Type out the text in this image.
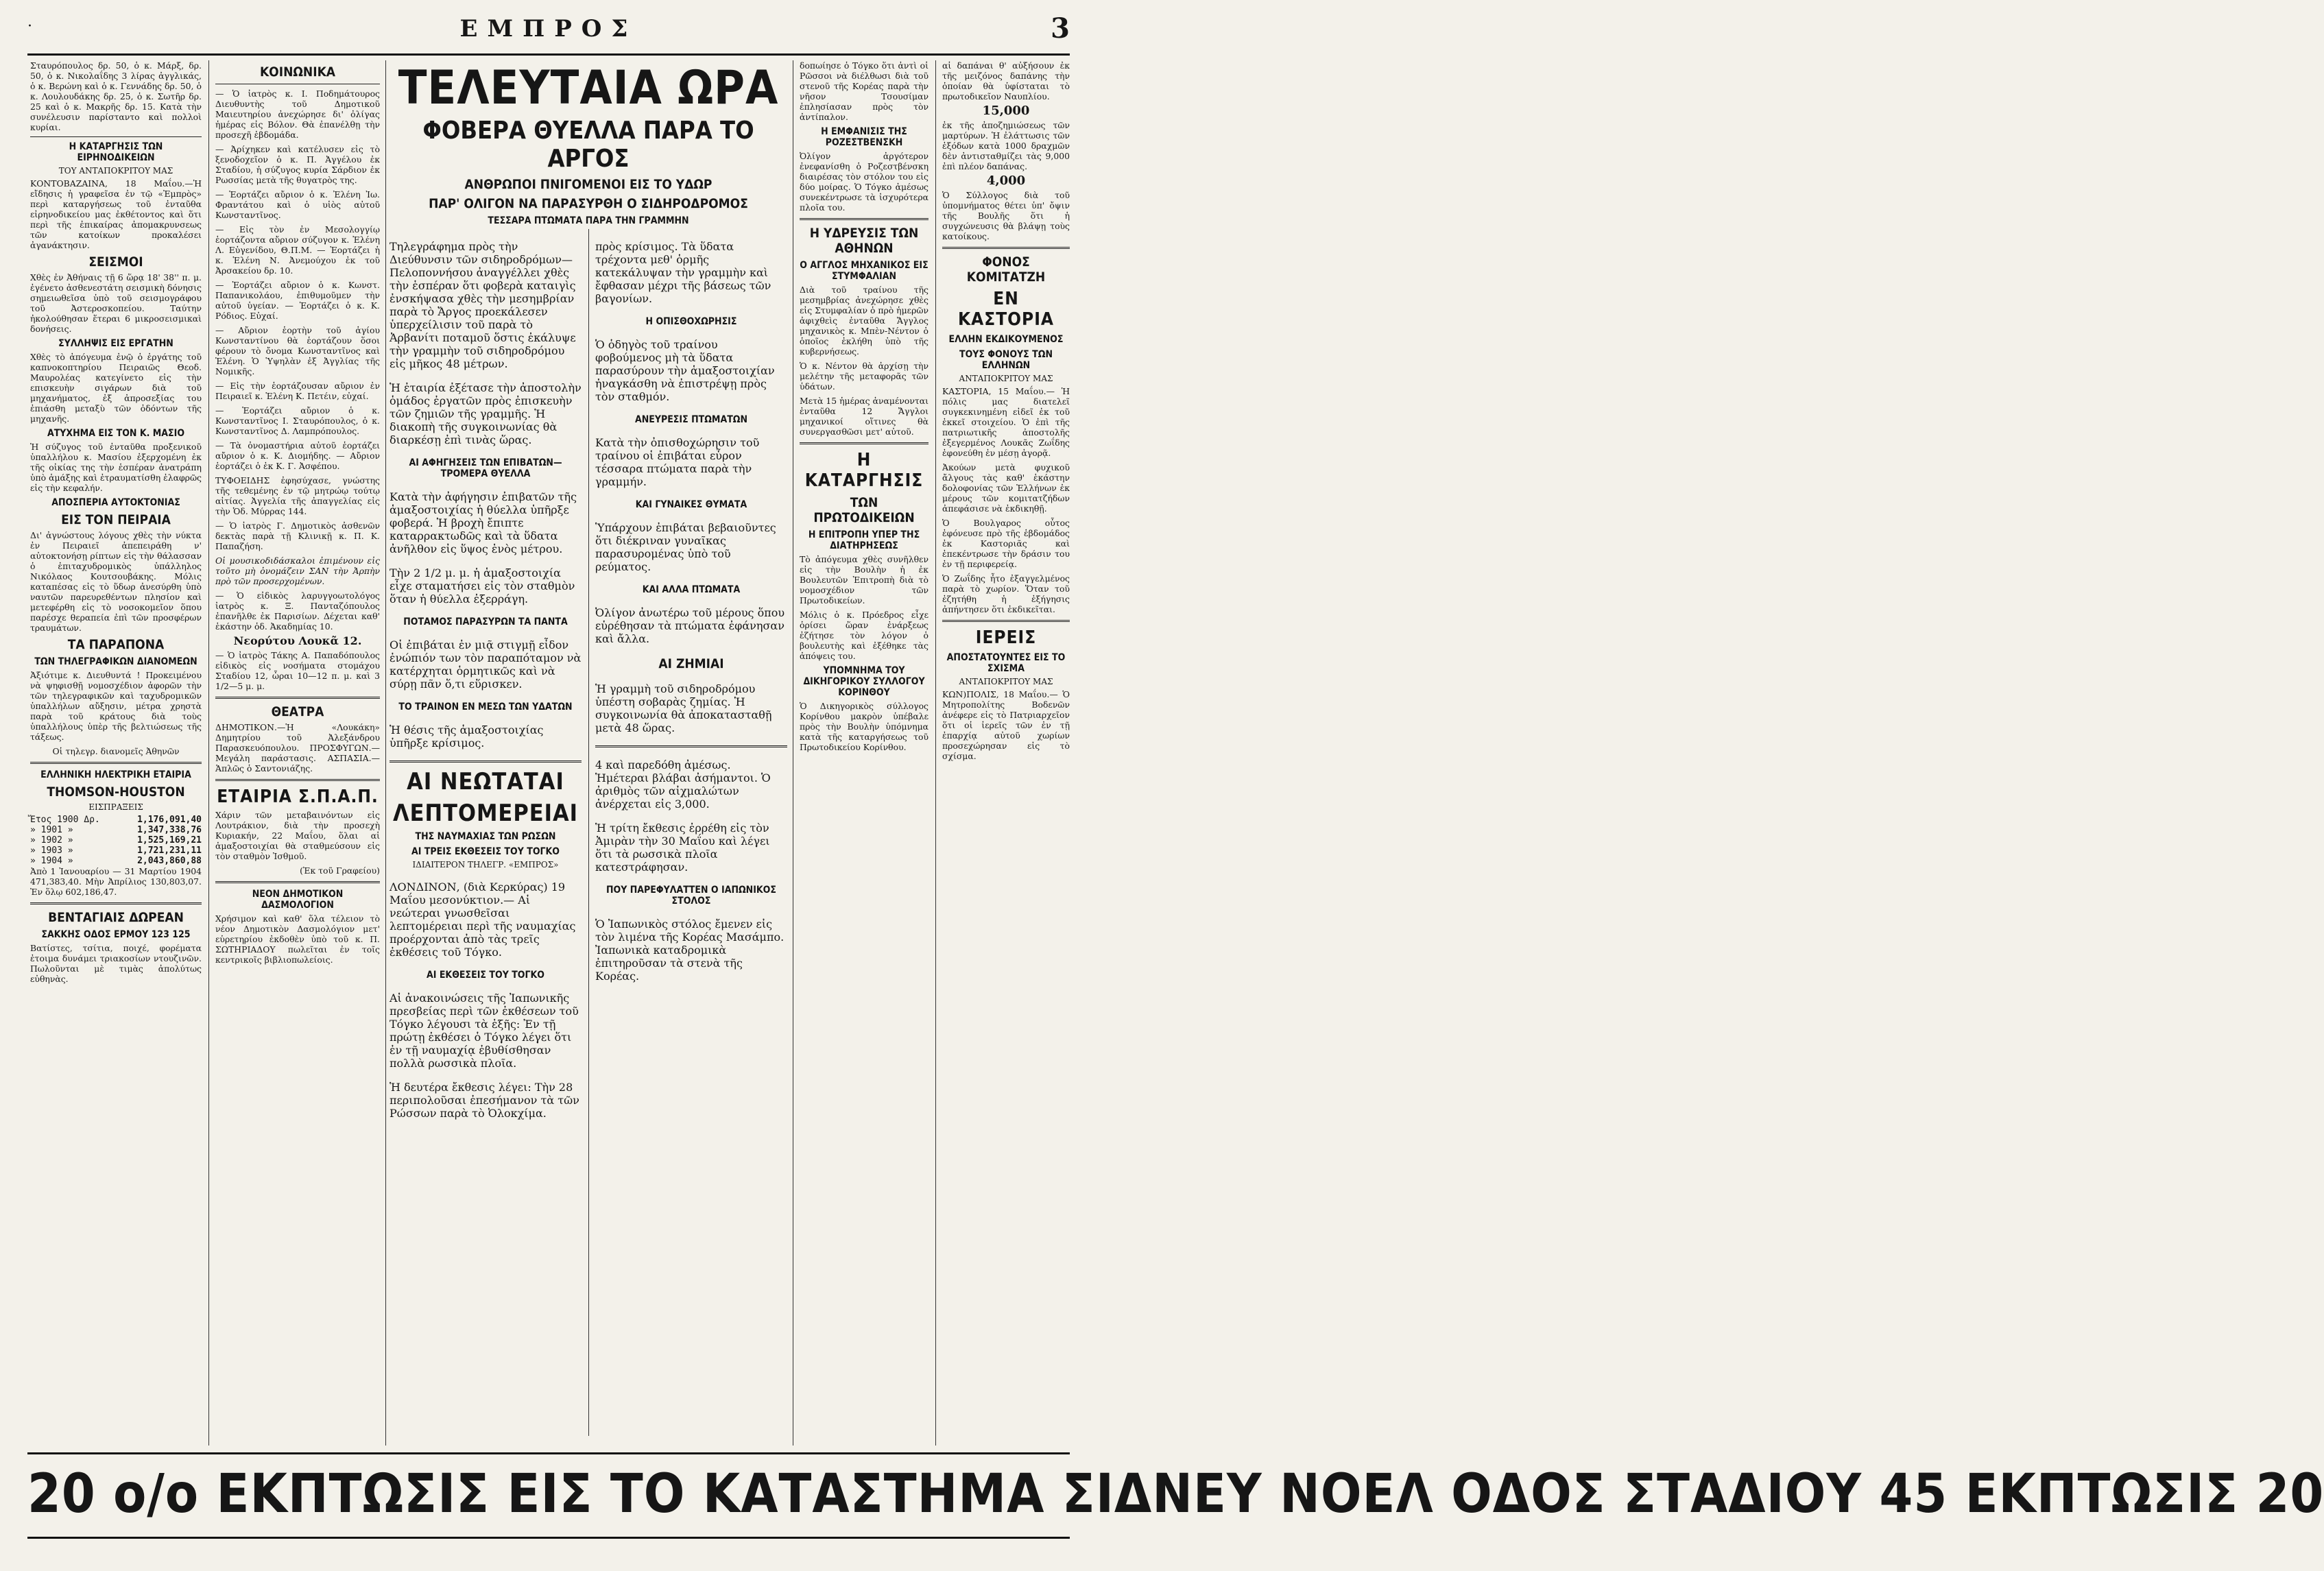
·	ΕΜΠΡΟΣ	3

Σταυρόπουλος δρ. 50, ὁ κ. Μάρξ, δρ. 50, ὁ κ. Νικολαΐδης 3 λίρας ἀγγλικάς, ὁ κ. Βερώνη καὶ ὁ κ. Γεννάδης δρ. 50, ὁ κ. Λουλουδάκης δρ. 25, ὁ κ. Σωτῆρ δρ. 25 καὶ ὁ κ. Μακρῆς δρ. 15. Κατὰ τὴν συνέλευσιν παρίσταντο καὶ πολλοὶ κυρίαι.

Η ΚΑΤΑΡΓΗΣΙΣ ΤΩΝ ΕΙΡΗΝΟΔΙΚΕΙΩΝ
ΤΟΥ ΑΝΤΑΠΟΚΡΙΤΟΥ ΜΑΣ

ΚΟΝΤΟΒΑΖΑΙΝΑ, 18 Μαΐου.—Ἡ εἴδησις ἡ γραφεῖσα ἐν τῷ «Ἐμπρὸς» περὶ καταργήσεως τοῦ ἐνταῦθα εἰρηνοδικείου μας ἐκθέτοντος καὶ ὅτι περὶ τῆς ἐπικαίρας ἀπομακρυνσεως τῶν κατοίκων προκαλέσει ἀγανάκτησιν.

ΣΕΙΣΜΟΙ

Χθὲς ἐν Ἀθήναις τῇ 6 ὥρᾳ 18' 38'' π. μ. ἐγένετο ἀσθενεστάτη σεισμικὴ δόνησις σημειωθεῖσα ὑπὸ τοῦ σεισμογράφου τοῦ Ἀστεροσκοπείου. Ταύτην ἠκολούθησαν ἕτεραι 6 μικροσεισμικαὶ δονήσεις.

ΣΥΛΛΗΨΙΣ ΕΙΣ ΕΡΓΑΤΗΝ

Χθὲς τὸ ἀπόγευμα ἐνῷ ὁ ἐργάτης τοῦ καπνοκοπτηρίου Πειραιῶς Θεοδ. Μαυρολέας κατεγίνετο εἰς τὴν επισκευὴν σιγάρων διὰ τοῦ μηχανήματος, ἐξ ἀπροσεξίας του ἐπιάσθη μεταξὺ τῶν ὀδόντων τῆς μηχανῆς.

ΑΤΥΧΗΜΑ ΕΙΣ ΤΟΝ Κ. ΜΑΣΙΟ

Ἡ σύζυγος τοῦ ἐνταῦθα προξενικοῦ ὑπαλλήλου κ. Μασίου ἐξερχομένη ἐκ τῆς οἰκίας της τὴν ἑσπέραν ἀνατράπη ὑπὸ ἁμάξης καὶ ἐτραυματίσθη ἐλαφρῶς εἰς τὴν κεφαλήν.

ΑΠΟΣΠΕΡΙΑ ΑΥΤΟΚΤΟΝΙΑΣ
ΕΙΣ ΤΟΝ ΠΕΙΡΑΙΑ

Δι' ἀγνώστους λόγους χθὲς τὴν νύκτα ἐν Πειραιεῖ ἀπεπειράθη ν' αὐτοκτονήσῃ ρίπτων εἰς τὴν θάλασσαν ὁ ἐπιταχυδρομικὸς ὑπάλληλος Νικόλαος Κουτσουβάκης. Μόλις καταπέσας εἰς τὸ ὕδωρ ἀνεσύρθη ὑπὸ ναυτῶν παρευρεθέντων πλησίον καὶ μετεφέρθη εἰς τὸ νοσοκομεῖον ὅπου παρέσχε θεραπεία ἐπὶ τῶν προσφέρων τραυμάτων.

ΤΑ ΠΑΡΑΠΟΝΑ
ΤΩΝ ΤΗΛΕΓΡΑΦΙΚΩΝ ΔΙΑΝΟΜΕΩΝ

Ἀξιότιμε κ. Διευθυντά ! Προκειμένου νὰ ψηφισθῇ νομοσχέδιον ἀφορῶν τὴν τῶν τηλεγραφικῶν καὶ ταχυδρομικῶν ὑπαλλήλων αὔξησιν, μέτρα χρηστὰ παρὰ τοῦ κράτους διὰ τοὺς ὑπαλλήλους ὑπὲρ τῆς βελτιώσεως τῆς τάξεως.

Οἱ τηλεγρ. διανομεῖς Ἀθηνῶν

ΕΛΛΗΝΙΚΗ ΗΛΕΚΤΡΙΚΗ ΕΤΑΙΡΙΑ
THOMSON-HOUSTON
ΕΙΣΠΡΑΞΕΙΣ
Ἔτος 1900 Δρ.	1,176,091,40
» 1901 »	1,347,338,76
» 1902 »	1,525,169,21
» 1903 »	1,721,231,11
» 1904 »	2,043,860,88

Ἀπὸ 1 Ἰανουαρίου — 31 Μαρτίου 1904 471,383,40. Μὴν Ἀπρίλιος 130,803,07. Ἐν ὅλῳ 602,186,47.

ΒΕΝΤΑΓΙΑΙΣ ΔΩΡΕΑΝ
ΣΑΚΚΗΣ ΟΔΟΣ ΕΡΜΟΥ 123 125

Βατίστες, τσίτια, ποιχέ, φορέματα ἐτοιμα δυνάμει τριακοσίων ντουζινῶν. Πωλοῦνται μὲ τιμὰς ἀπολύτως εὐθηνὰς.

ΚΟΙΝΩΝΙΚΑ

— Ὁ ἰατρὸς κ. Ι. Ποδημάτουρος Διευθυντὴς τοῦ Δημοτικοῦ Μαιευτηρίου ἀνεχώρησε δι' ὀλίγας ἡμέρας εἰς Βόλον. Θὰ ἐπανέλθῃ τὴν προσεχῆ ἑβδομάδα.

— Ἀρίχηκεν καὶ κατέλυσεν εἰς τὸ ξενοδοχεῖον ὁ κ. Π. Ἀγγέλου ἐκ Σταδίου, ἡ σύζυγος κυρία Σάρδιον ἐκ Ρωσσίας μετὰ τῆς θυγατρὸς της.

— Ἑορτάζει αὔριον ὁ κ. Ἐλένη Ἰω. Φραντάτου καὶ ὁ υἱὸς αὐτοῦ Κωνσταντῖνος.

— Εἰς τὸν ἐν Μεσολογγίῳ ἑορτάζοντα αὔριον σύζυγον κ. Ἐλένη Λ. Εὐγενίδου, Θ.Π.Μ. — Ἑορτάζει ἡ κ. Ἑλένη Ν. Ἀνεμούχου ἐκ τοῦ Ἀρσακείου δρ. 10.

— Ἑορτάζει αὔριον ὁ κ. Κωνστ. Παπανικολάου, ἐπιθυμοῦμεν τὴν αὐτοῦ ὑγείαν. — Ἑορτάζει ὁ κ. Κ. Ρόδιος. Εὐχαί.

— Αὔριον ἑορτὴν τοῦ ἁγίου Κωνσταντίνου θὰ ἑορτάζουν ὅσοι φέρουν τὸ ὄνομα Κωνσταντῖνος καὶ Ἑλένη. Ὁ Ὑψηλὰν ἐξ Ἀγγλίας τῆς Νομικῆς.

— Εἰς τὴν ἑορτάζουσαν αὔριον ἐν Πειραιεῖ κ. Ἑλένη Κ. Πετέιν, εὐχαί.

— Ἑορτάζει αὔριον ὁ κ. Κωνσταντῖνος Ι. Σταυρόπουλος, ὁ κ. Κωνσταντῖνος Δ. Λαμπρόπουλος.

— Τὰ ὀνομαστήρια αὐτοῦ ἑορτάζει αὔριον ὁ κ. Κ. Διομήδης. — Αὔριον ἑορτάζει ὁ ἐκ Κ. Γ. Ἀσφέπου.

ΤΥΦΟΕΙΔΗΣ ἐφησύχασε, γνώστης τῆς τεθεμένης ἐν τῷ μητρώῳ τούτῳ αἰτίας. Ἀγγελία τῆς ἀπαγγελίας εἰς τὴν Ὁδ. Μύρρας 144.

— Ὁ ἰατρὸς Γ. Δημοτικὸς ἀσθενῶν δεκτὰς παρὰ τῇ Κλινικῇ κ. Π. Κ. Παπαζήση.

Οἱ μουσικοδιδάσκαλοι ἐπιμένουν εἰς τοῦτο μὴ ὀνομάζειν ΣΑΝ τὴν Ἀρπὴν πρὸ τῶν προσερχομένων.

— Ὁ εἰδικὸς λαρυγγοωτολόγος ἰατρὸς κ. Ξ. Πανταζόπουλος ἐπανῆλθε ἐκ Παρισίων. Δέχεται καθ' ἑκάστην ὁδ. Ἀκαδημίας 10.

Νεορύτου Λουκᾶ 12.

— Ὁ ἰατρὸς Τάκης Α. Παπαδόπουλος εἰδικὸς εἰς νοσήματα στομάχου Σταδίου 12, ὧραι 10—12 π. μ. καὶ 3 1/2—5 μ. μ.

ΘΕΑΤΡΑ

ΔΗΜΟΤΙΚΟΝ.—Ἡ «Λουκάκη» Δημητρίου τοῦ Ἀλεξάνδρου Παρασκευόπουλου. ΠΡΟΣΦΥΓΩΝ.—Μεγάλη παράστασις. ΑΣΠΑΣΙΑ.—Ἁπλῶς ὁ Σαντονιάζης.

ΕΤΑΙΡΙΑ Σ.Π.Α.Π.

Χάριν τῶν μεταβαινόντων εἰς Λουτράκιον, διὰ τὴν προσεχὴ Κυριακήν, 22 Μαΐου, ὅλαι αἱ ἁμαξοστοιχίαι θὰ σταθμεύσουν εἰς τὸν σταθμὸν Ἰσθμοῦ.

(Ἐκ τοῦ Γραφείου)

ΝΕΟΝ ΔΗΜΟΤΙΚΟΝ ΔΑΣΜΟΛΟΓΙΟΝ

Χρήσιμον καὶ καθ' ὅλα τέλειον τὸ νέον Δημοτικὸν Δασμολόγιον μετ' εὑρετηρίου ἐκδοθὲν ὑπὸ τοῦ κ. Π. ΣΩΤΗΡΙΑΔΟΥ πωλεῖται ἐν τοῖς κεντρικοῖς βιβλιοπωλείοις.

ΤΕΛΕΥΤΑΙΑ ΩΡΑ
ΦΟΒΕΡΑ ΘΥΕΛΛΑ ΠΑΡΑ ΤΟ ΑΡΓΟΣ
ΑΝΘΡΩΠΟΙ ΠΝΙΓΟΜΕΝΟΙ ΕΙΣ ΤΟ ΥΔΩΡ
ΠΑΡ' ΟΛΙΓΟΝ ΝΑ ΠΑΡΑΣΥΡΘΗ Ο ΣΙΔΗΡΟΔΡΟΜΟΣ
ΤΕΣΣΑΡΑ ΠΤΩΜΑΤΑ ΠΑΡΑ ΤΗΝ ΓΡΑΜΜΗΝ

Τηλεγράφημα πρὸς τὴν Διεύθυνσιν τῶν σιδηροδρόμων—Πελοποννήσου ἀναγγέλλει χθὲς τὴν ἑσπέραν ὅτι φοβερὰ καταιγὶς ἐνσκήψασα χθὲς τὴν μεσημβρίαν παρὰ τὸ Ἄργος προεκάλεσεν ὑπερχείλισιν τοῦ παρὰ τὸ Ἀρβανίτι ποταμοῦ ὅστις ἐκάλυψε τὴν γραμμὴν τοῦ σιδηροδρόμου εἰς μῆκος 48 μέτρων.

Ἡ ἐταιρία ἐξέτασε τὴν ἀποστολὴν ὁμάδος ἐργατῶν πρὸς ἐπισκευὴν τῶν ζημιῶν τῆς γραμμῆς. Ἡ διακοπὴ τῆς συγκοινωνίας θὰ διαρκέσῃ ἐπὶ τινὰς ὥρας.

ΑΙ ΑΦΗΓΗΣΕΙΣ ΤΩΝ ΕΠΙΒΑΤΩΝ—ΤΡΟΜΕΡΑ ΘΥΕΛΛΑ

Κατὰ τὴν ἀφήγησιν ἐπιβατῶν τῆς ἁμαξοστοιχίας ἡ θύελλα ὑπῆρξε φοβερά. Ἡ βροχὴ ἔπιπτε καταρρακτωδῶς καὶ τὰ ὕδατα ἀνῆλθον εἰς ὕψος ἑνὸς μέτρου.

Τὴν 2 1/2 μ. μ. ἡ ἁμαξοστοιχία εἶχε σταματήσει εἰς τὸν σταθμὸν ὅταν ἡ θύελλα ἐξερράγη.

ΠΟΤΑΜΟΣ ΠΑΡΑΣΥΡΩΝ ΤΑ ΠΑΝΤΑ

Οἱ ἐπιβάται ἐν μιᾷ στιγμῇ εἶδον ἐνώπιόν των τὸν παραπόταμον νὰ κατέρχηται ὁρμητικῶς καὶ νὰ σύρῃ πᾶν ὅ,τι εὕρισκεν.

ΤΟ ΤΡΑΙΝΟΝ ΕΝ ΜΕΣΩ ΤΩΝ ΥΔΑΤΩΝ

Ἡ θέσις τῆς ἁμαξοστοιχίας ὑπῆρξε κρίσιμος.

ΑΙ ΝΕΩΤΑΤΑΙ
ΛΕΠΤΟΜΕΡΕΙΑΙ
ΤΗΣ ΝΑΥΜΑΧΙΑΣ ΤΩΝ ΡΩΣΩΝ
ΑΙ ΤΡΕΙΣ ΕΚΘΕΣΕΙΣ ΤΟΥ ΤΟΓΚΟ
ΙΔΙΑΙΤΕΡΟΝ ΤΗΛΕΓΡ. «ΕΜΠΡΟΣ»

ΛΟΝΔΙΝΟΝ, (διὰ Κερκύρας) 19 Μαΐου μεσονύκτιον.— Αἱ νεώτεραι γνωσθεῖσαι λεπτομέρειαι περὶ τῆς ναυμαχίας προέρχονται ἀπὸ τὰς τρεῖς ἐκθέσεις τοῦ Τόγκο.

ΑΙ ΕΚΘΕΣΕΙΣ ΤΟΥ ΤΟΓΚΟ

Αἱ ἀνακοινώσεις τῆς Ἰαπωνικῆς πρεσβείας περὶ τῶν ἐκθέσεων τοῦ Τόγκο λέγουσι τὰ ἑξῆς: Ἐν τῇ πρώτῃ ἐκθέσει ὁ Τόγκο λέγει ὅτι ἐν τῇ ναυμαχίᾳ ἐβυθίσθησαν πολλὰ ρωσσικὰ πλοῖα.

Ἡ δευτέρα ἔκθεσις λέγει: Τὴν 28 περιπολοῦσαι ἐπεσήμανον τὰ τῶν Ρώσσων παρὰ τὸ Ὀλοκχίμα.

πρὸς κρίσιμος. Τὰ ὕδατα τρέχοντα μεθ' ὁρμῆς κατεκάλυψαν τὴν γραμμὴν καὶ ἔφθασαν μέχρι τῆς βάσεως τῶν βαγονίων.

Η ΟΠΙΣΘΟΧΩΡΗΣΙΣ

Ὁ ὁδηγὸς τοῦ τραίνου φοβούμενος μὴ τὰ ὕδατα παρασύρουν τὴν ἁμαξοστοιχίαν ἠναγκάσθη νὰ ἐπιστρέψῃ πρὸς τὸν σταθμόν.

ΑΝΕΥΡΕΣΙΣ ΠΤΩΜΑΤΩΝ

Κατὰ τὴν ὀπισθοχώρησιν τοῦ τραίνου οἱ ἐπιβάται εὗρον τέσσαρα πτώματα παρὰ τὴν γραμμήν.

ΚΑΙ ΓΥΝΑΙΚΕΣ ΘΥΜΑΤΑ

Ὑπάρχουν ἐπιβάται βεβαιοῦντες ὅτι διέκριναν γυναῖκας παρασυρομένας ὑπὸ τοῦ ρεύματος.

ΚΑΙ ΑΛΛΑ ΠΤΩΜΑΤΑ

Ὀλίγον ἀνωτέρω τοῦ μέρους ὅπου εὑρέθησαν τὰ πτώματα ἐφάνησαν καὶ ἄλλα.

ΑΙ ΖΗΜΙΑΙ

Ἡ γραμμὴ τοῦ σιδηροδρόμου ὑπέστη σοβαρὰς ζημίας. Ἡ συγκοινωνία θὰ ἀποκατασταθῇ μετὰ 48 ὥρας.

4 καὶ παρεδόθη ἀμέσως. Ἡμέτεραι βλάβαι ἀσήμαντοι. Ὁ ἀριθμὸς τῶν αἰχμαλώτων ἀνέρχεται εἰς 3,000.

Ἡ τρίτη ἔκθεσις ἐρρέθη εἰς τὸν Ἀμιρὰν τὴν 30 Μαΐου καὶ λέγει ὅτι τὰ ρωσσικὰ πλοῖα κατεστράφησαν.

ΠΟΥ ΠΑΡΕΦΥΛΑΤΤΕΝ Ο ΙΑΠΩΝΙΚΟΣ ΣΤΟΛΟΣ

Ὁ Ἰαπωνικὸς στόλος ἔμενεν εἰς τὸν λιμένα τῆς Κορέας Μασάμπο. Ἰαπωνικὰ καταδρομικὰ ἐπιτηροῦσαν τὰ στενὰ τῆς Κορέας.

δοπωίησε ὁ Τόγκο ὅτι ἀντὶ οἱ Ρῶσσοι νὰ διέλθωσι διὰ τοῦ στενοῦ τῆς Κορέας παρὰ τὴν νῆσον Τσουσίμαν ἐπλησίασαν πρὸς τὸν ἀντίπαλον.

Η ΕΜΦΑΝΙΣΙΣ ΤΗΣ ΡΟΖΕΣΤΒΕΝΣΚΗ

Ὀλίγον ἀργότερον ἐνεφανίσθη ὁ Ροζεστβένσκη διαιρέσας τὸν στόλον του εἰς δύο μοίρας. Ὁ Τόγκο ἀμέσως συνεκέντρωσε τὰ ἰσχυρότερα πλοῖα του.

Η ΥΔΡΕΥΣΙΣ ΤΩΝ ΑΘΗΝΩΝ
Ο ΑΓΓΛΟΣ ΜΗΧΑΝΙΚΟΣ ΕΙΣ ΣΤΥΜΦΑΛΙΑΝ

Διὰ τοῦ τραίνου τῆς μεσημβρίας ἀνεχώρησε χθὲς εἰς Στυμφαλίαν ὁ πρὸ ἡμερῶν ἀφιχθεὶς ἐνταῦθα Ἄγγλος μηχανικὸς κ. Μπὲν-Νέντον ὁ ὁποῖος ἐκλήθη ὑπὸ τῆς κυβερνήσεως.

Ὁ κ. Νέντον θὰ ἀρχίσῃ τὴν μελέτην τῆς μεταφορᾶς τῶν ὑδάτων.

Μετὰ 15 ἡμέρας ἀναμένονται ἐνταῦθα 12 Ἄγγλοι μηχανικοί οἵτινες θὰ συνεργασθῶσι μετ' αὐτοῦ.

Η ΚΑΤΑΡΓΗΣΙΣ
ΤΩΝ ΠΡΩΤΟΔΙΚΕΙΩΝ
Η ΕΠΙΤΡΟΠΗ ΥΠΕΡ ΤΗΣ ΔΙΑΤΗΡΗΣΕΩΣ

Τὸ ἀπόγευμα χθὲς συνῆλθεν εἰς τὴν Βουλὴν ἡ ἐκ Βουλευτῶν Ἐπιτροπὴ διὰ τὸ νομοσχέδιον τῶν Πρωτοδικείων.

Μόλις ὁ κ. Πρόεδρος εἶχε ὁρίσει ὥραν ἐνάρξεως ἐζήτησε τὸν λόγον ὁ βουλευτὴς καὶ ἐξέθηκε τὰς ἀπόψεις του.

ΥΠΟΜΝΗΜΑ ΤΟΥ ΔΙΚΗΓΟΡΙΚΟΥ ΣΥΛΛΟΓΟΥ ΚΟΡΙΝΘΟΥ

Ὁ Δικηγορικὸς σύλλογος Κορίνθου μακρὸν ὑπέβαλε πρὸς τὴν Βουλὴν ὑπόμνημα κατὰ τῆς καταργήσεως τοῦ Πρωτοδικείου Κορίνθου.

αἱ δαπάναι θ' αὐξήσουν ἐκ τῆς μειζόνος δαπάνης τὴν ὁποίαν θὰ ὑφίσταται τὸ πρωτοδικεῖον Ναυπλίου.

15,000

ἐκ τῆς ἀποζημιώσεως τῶν μαρτύρων. Ἡ ἐλάττωσις τῶν ἐξόδων κατὰ 1000 δραχμῶν δὲν ἀντισταθμίζει τὰς 9,000 ἐπὶ πλέον δαπάνας.

4,000

Ὁ Σύλλογος διὰ τοῦ ὑπομνήματος θέτει ὑπ' ὄψιν τῆς Βουλῆς ὅτι ἡ συγχώνευσις θὰ βλάψῃ τοὺς κατοίκους.

ΦΟΝΟΣ ΚΟΜΙΤΑΤΖΗ
ΕΝ ΚΑΣΤΟΡΙΑ
ΕΛΛΗΝ ΕΚΔΙΚΟΥΜΕΝΟΣ
ΤΟΥΣ ΦΟΝΟΥΣ ΤΩΝ ΕΛΛΗΝΩΝ
ΑΝΤΑΠΟΚΡΙΤΟΥ ΜΑΣ

ΚΑΣΤΟΡΙΑ, 15 Μαΐου.— Ἡ πόλις μας διατελεῖ συγκεκινημένη εἰδεῖ ἐκ τοῦ ἐκκεῖ στοιχείου. Ὁ ἐπὶ τῆς πατριωτικῆς ἀποστολῆς ἐξεγερμένος Λουκᾶς Ζωΐδης ἐφονεύθη ἐν μέσῃ ἀγορᾷ.

Ἀκούων μετὰ φυχικοῦ ἄλγους τὰς καθ' ἑκάστην δολοφονίας τῶν Ἑλλήνων ἐκ μέρους τῶν κομιτατζήδων ἀπεφάσισε νὰ ἐκδικηθῇ.

Ὁ Βουλγαρος οὗτος ἐφόνευσε πρὸ τῆς ἑβδομάδος ἐκ Καστοριᾶς καὶ ἐπεκέντρωσε τὴν δράσιν του ἐν τῇ περιφερείᾳ.

Ὁ Ζωΐδης ἦτο ἐξαγγελμένος παρὰ τὸ χωρίον. Ὅταν τοῦ ἐζητήθη ἡ ἐξήγησις ἀπήντησεν ὅτι ἐκδικεῖται.

ΙΕΡΕΙΣ
ΑΠΟΣΤΑΤΟΥΝΤΕΣ ΕΙΣ ΤΟ ΣΧΙΣΜΑ
ΑΝΤΑΠΟΚΡΙΤΟΥ ΜΑΣ

ΚΩΝ)ΠΟΛΙΣ, 18 Μαΐου.— Ὁ Μητροπολίτης Βοδενῶν ἀνέφερε εἰς τὸ Πατριαρχεῖον ὅτι οἱ ἱερεῖς τῶν ἐν τῇ ἐπαρχίᾳ αὐτοῦ χωρίων προσεχώρησαν εἰς τὸ σχίσμα.

20 ο/ο ΕΚΠΤΩΣΙΣ ΕΙΣ ΤΟ ΚΑΤΑΣΤΗΜΑ ΣΙΔΝΕΥ ΝΟΕΛ ΟΔΟΣ ΣΤΑΔΙΟΥ 45 ΕΚΠΤΩΣΙΣ 20
